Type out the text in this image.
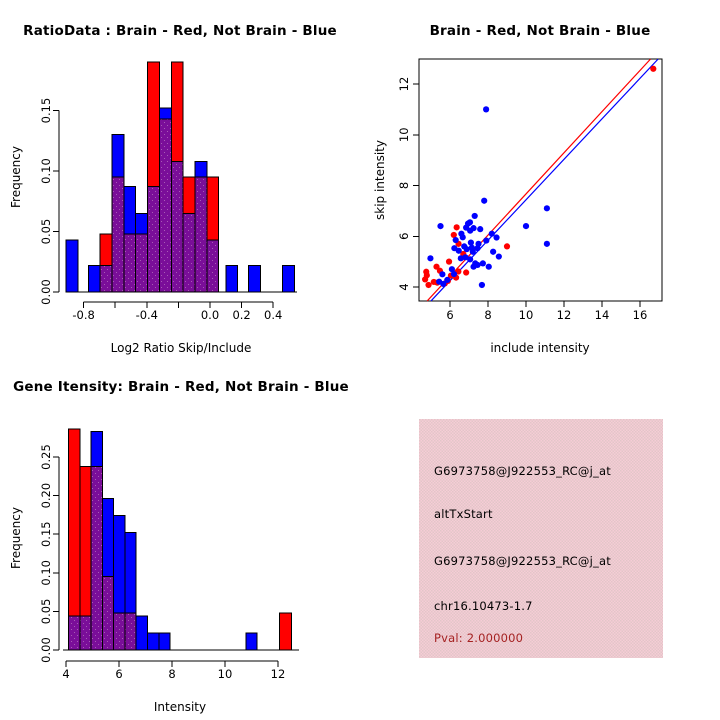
0.00
0.05
0.10
0.15
-0.8	-0.4	0.0 0.2 0.4	6	8 10 12 14 16
4
6
8
10
12
0.00
0.05
0.10
0.15
0.20
0.25
4	6	8	10	12
RatioData : Brain - Red, Not Brain - Blue	Brain - Red, Not Brain - Blue
Gene Itensity: Brain - Red, Not Brain - Blue
Log2 Ratio Skip/Include	include intensity
Intensity
Frequency	skip intensity
Frequency
G6973758@J922553_RC@j_at
altTxStart
G6973758@J922553_RC@j_at
chr16.10473-1.7
Pval: 2.000000
